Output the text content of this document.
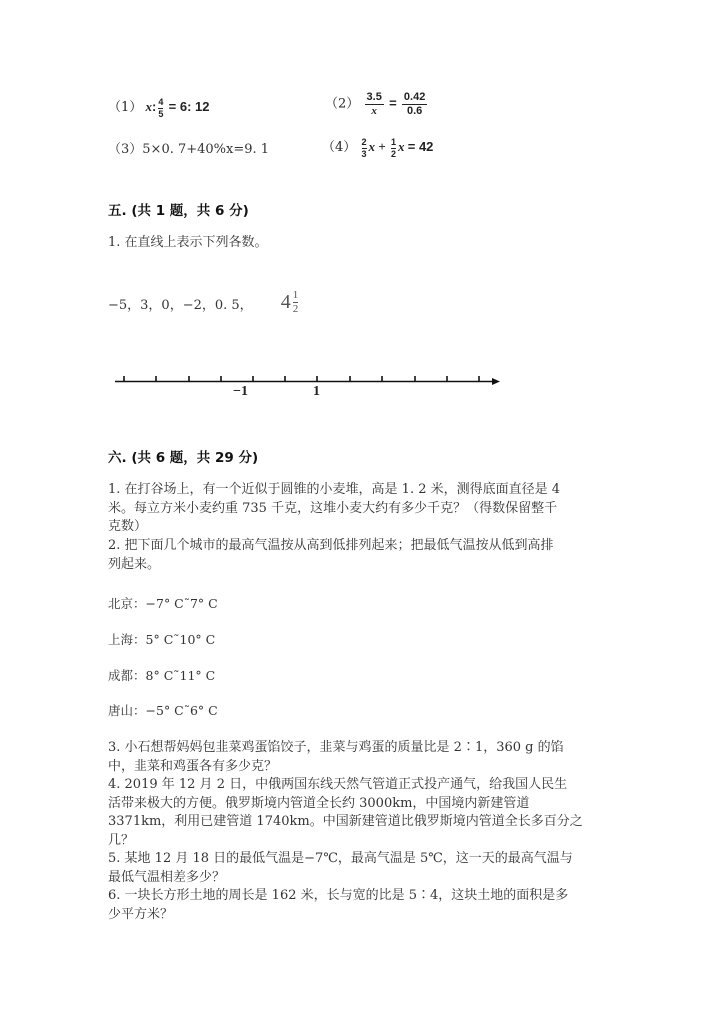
（1） x: $\frac{4}{5} = 6$: 12	$(2) \frac{3.5}{x} = \frac{0.42}{0.6}$
（3）5×0. 7+40%x=9. 1	$(4) \frac{2}{3}$ $x + \frac{1}{2}$ x = 42
五. (共 1 题，共 6 分)
1. 在直线上表示下列各数。
−5，3，0，−2，0. 5， $4 \frac{1}{2}$
−1	1
六. (共 6 题，共 29 分)
1. 在打谷场上，有一个近似于圆锥的小麦堆，高是 1. 2 米，测得底面直径是 4
米。每立方米小麦约重 735 千克，这堆小麦大约有多少千克？（得数保留整千
克数）
2. 把下面几个城市的最高气温按从高到低排列起来；把最低气温按从低到高排
列起来。
北京：−7° C˜7° C
上海：5° C˜10° C
成都：8° C˜11° C
唐山：−5° C˜6° C
3. 小石想帮妈妈包韭菜鸡蛋馅饺子，韭菜与鸡蛋的质量比是 2∶1，360 g 的馅
中，韭菜和鸡蛋各有多少克？
4. 2019 年 12 月 2 日，中俄两国东线天然气管道正式投产通气，给我国人民生
活带来极大的方便。俄罗斯境内管道全长约 3000km，中国境内新建管道
3371km，利用已建管道 1740km。中国新建管道比俄罗斯境内管道全长多百分之
几？
5. 某地 12 月 18 日的最低气温是−7℃，最高气温是 5℃，这一天的最高气温与
最低气温相差多少？
6. 一块长方形土地的周长是 162 米，长与宽的比是 5∶4，这块土地的面积是多
少平方米？
